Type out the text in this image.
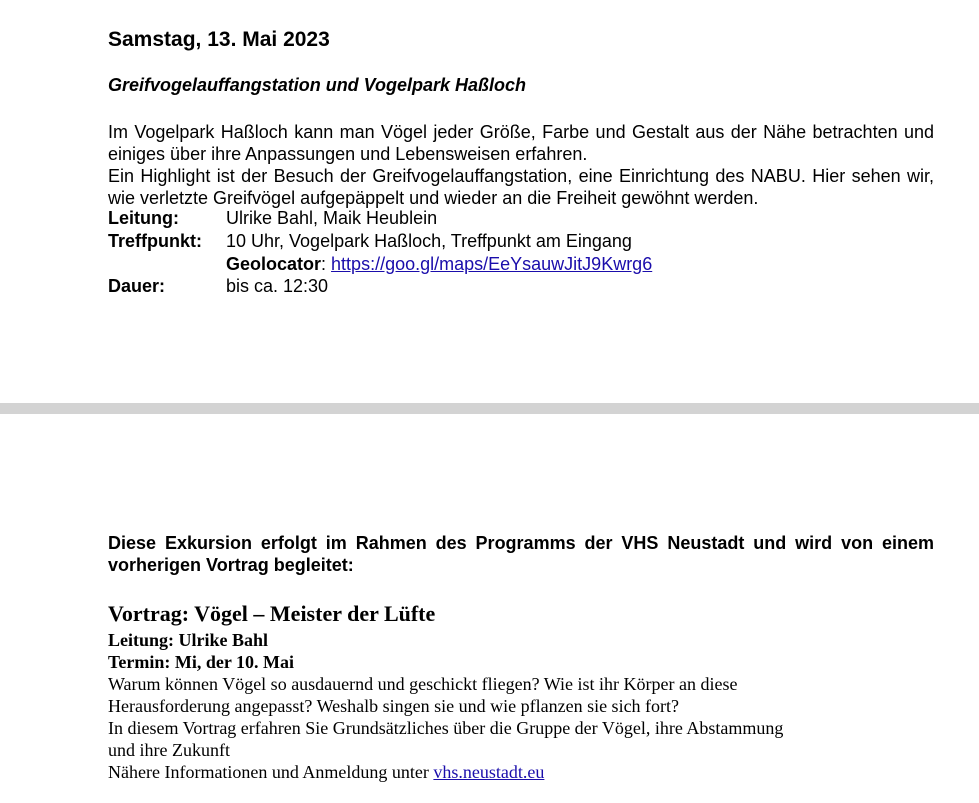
Samstag, 13. Mai 2023
Greifvogelauffangstation und Vogelpark Haßloch

Im Vogelpark Haßloch kann man Vögel jeder Größe, Farbe und Gestalt aus der Nähe betrachten und einiges über ihre Anpassungen und Lebensweisen erfahren.

Ein Highlight ist der Besuch der Greifvogelauffangstation, eine Einrichtung des NABU. Hier sehen wir, wie verletzte Greifvögel aufgepäppelt und wieder an die Freiheit gewöhnt werden.

Leitung:	Ulrike Bahl, Maik Heublein
Treffpunkt: 10 Uhr, Vogelpark Haßloch, Treffpunkt am Eingang
Geolocator: https://goo.gl/maps/EeYsauwJitJ9Kwrg6
Dauer:	bis ca. 12:30
Diese Exkursion erfolgt im Rahmen des Programms der VHS Neustadt und wird von einem vorherigen Vortrag begleitet:
Vortrag: Vögel – Meister der Lüfte
Leitung: Ulrike Bahl
Termin: Mi, der 10. Mai
Warum können Vögel so ausdauernd und geschickt fliegen? Wie ist ihr Körper an diese
Herausforderung angepasst? Weshalb singen sie und wie pflanzen sie sich fort?
In diesem Vortrag erfahren Sie Grundsätzliches über die Gruppe der Vögel, ihre Abstammung
und ihre Zukunft
Nähere Informationen und Anmeldung unter vhs.neustadt.eu
